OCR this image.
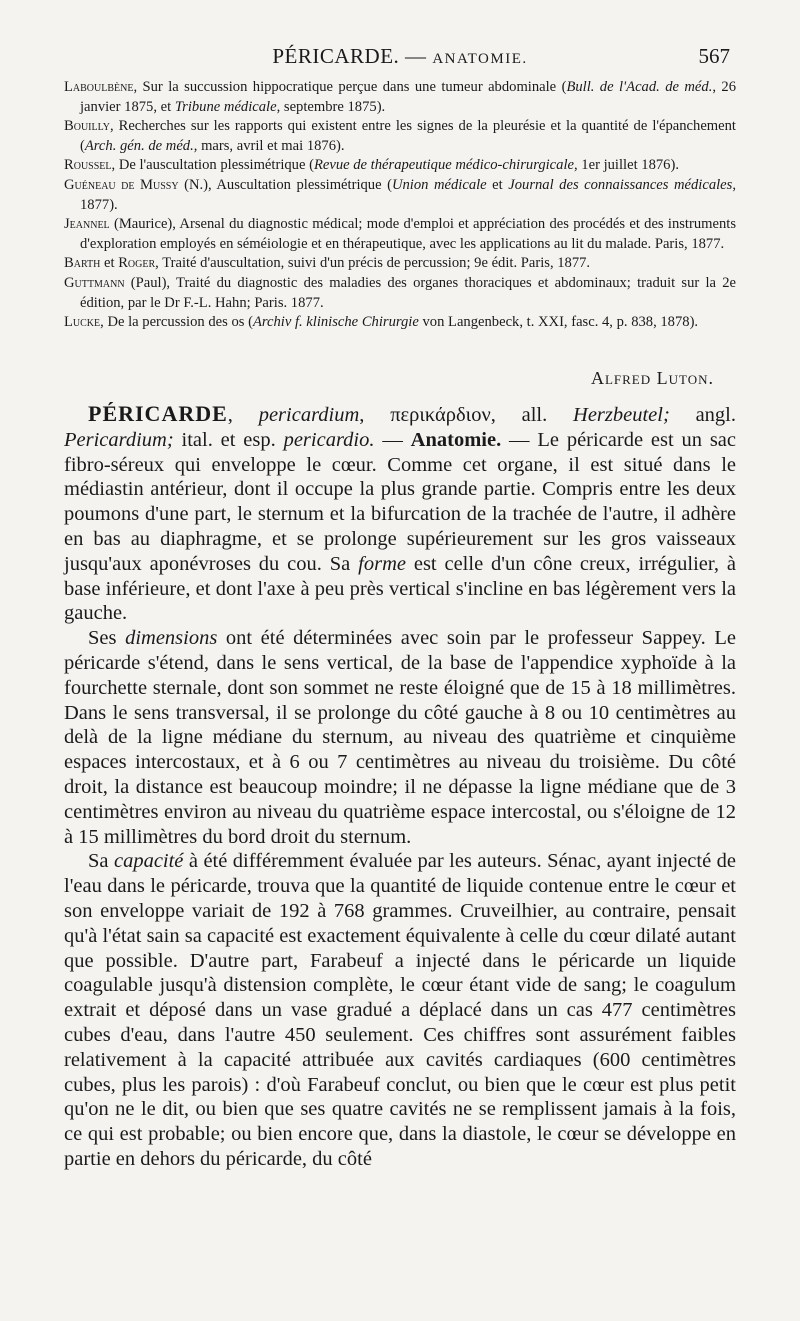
PÉRICARDE. — ANATOMIE.	567

Laboulbène, Sur la succussion hippocratique perçue dans une tumeur abdominale (Bull. de l'Acad. de méd., 26 janvier 1875, et Tribune médicale, septembre 1875).

Bouilly, Recherches sur les rapports qui existent entre les signes de la pleurésie et la quantité de l'épanchement (Arch. gén. de méd., mars, avril et mai 1876).

Roussel, De l'auscultation plessimétrique (Revue de thérapeutique médico-chirurgicale, 1er juillet 1876).

Guéneau de Mussy (N.), Auscultation plessimétrique (Union médicale et Journal des connaissances médicales, 1877).

Jeannel (Maurice), Arsenal du diagnostic médical; mode d'emploi et appréciation des procédés et des instruments d'exploration employés en séméiologie et en thérapeutique, avec les applications au lit du malade. Paris, 1877.

Barth et Roger, Traité d'auscultation, suivi d'un précis de percussion; 9e édit. Paris, 1877.

Guttmann (Paul), Traité du diagnostic des maladies des organes thoraciques et abdominaux; traduit sur la 2e édition, par le Dr F.-L. Hahn; Paris. 1877.

Lucke, De la percussion des os (Archiv f. klinische Chirurgie von Langenbeck, t. XXI, fasc. 4, p. 838, 1878).

Alfred Luton.

PÉRICARDE, pericardium, περικάρδιον, all. Herzbeutel; angl. Pericardium; ital. et esp. pericardio. — Anatomie. — Le péricarde est un sac fibro-séreux qui enveloppe le cœur. Comme cet organe, il est situé dans le médiastin antérieur, dont il occupe la plus grande partie. Compris entre les deux poumons d'une part, le sternum et la bifurcation de la trachée de l'autre, il adhère en bas au diaphragme, et se prolonge supérieurement sur les gros vaisseaux jusqu'aux aponévroses du cou. Sa forme est celle d'un cône creux, irrégulier, à base inférieure, et dont l'axe à peu près vertical s'incline en bas légèrement vers la gauche.

Ses dimensions ont été déterminées avec soin par le professeur Sappey. Le péricarde s'étend, dans le sens vertical, de la base de l'appendice xyphoïde à la fourchette sternale, dont son sommet ne reste éloigné que de 15 à 18 millimètres. Dans le sens transversal, il se prolonge du côté gauche à 8 ou 10 centimètres au delà de la ligne médiane du sternum, au niveau des quatrième et cinquième espaces intercostaux, et à 6 ou 7 centimètres au niveau du troisième. Du côté droit, la distance est beaucoup moindre; il ne dépasse la ligne médiane que de 3 centimètres environ au niveau du quatrième espace intercostal, ou s'éloigne de 12 à 15 millimètres du bord droit du sternum.

Sa capacité à été différemment évaluée par les auteurs. Sénac, ayant injecté de l'eau dans le péricarde, trouva que la quantité de liquide contenue entre le cœur et son enveloppe variait de 192 à 768 grammes. Cruveilhier, au contraire, pensait qu'à l'état sain sa capacité est exactement équivalente à celle du cœur dilaté autant que possible. D'autre part, Farabeuf a injecté dans le péricarde un liquide coagulable jusqu'à distension complète, le cœur étant vide de sang; le coagulum extrait et déposé dans un vase gradué a déplacé dans un cas 477 centimètres cubes d'eau, dans l'autre 450 seulement. Ces chiffres sont assurément faibles relativement à la capacité attribuée aux cavités cardiaques (600 centimètres cubes, plus les parois) : d'où Farabeuf conclut, ou bien que le cœur est plus petit qu'on ne le dit, ou bien que ses quatre cavités ne se remplissent jamais à la fois, ce qui est probable; ou bien encore que, dans la diastole, le cœur se développe en partie en dehors du péricarde, du côté
